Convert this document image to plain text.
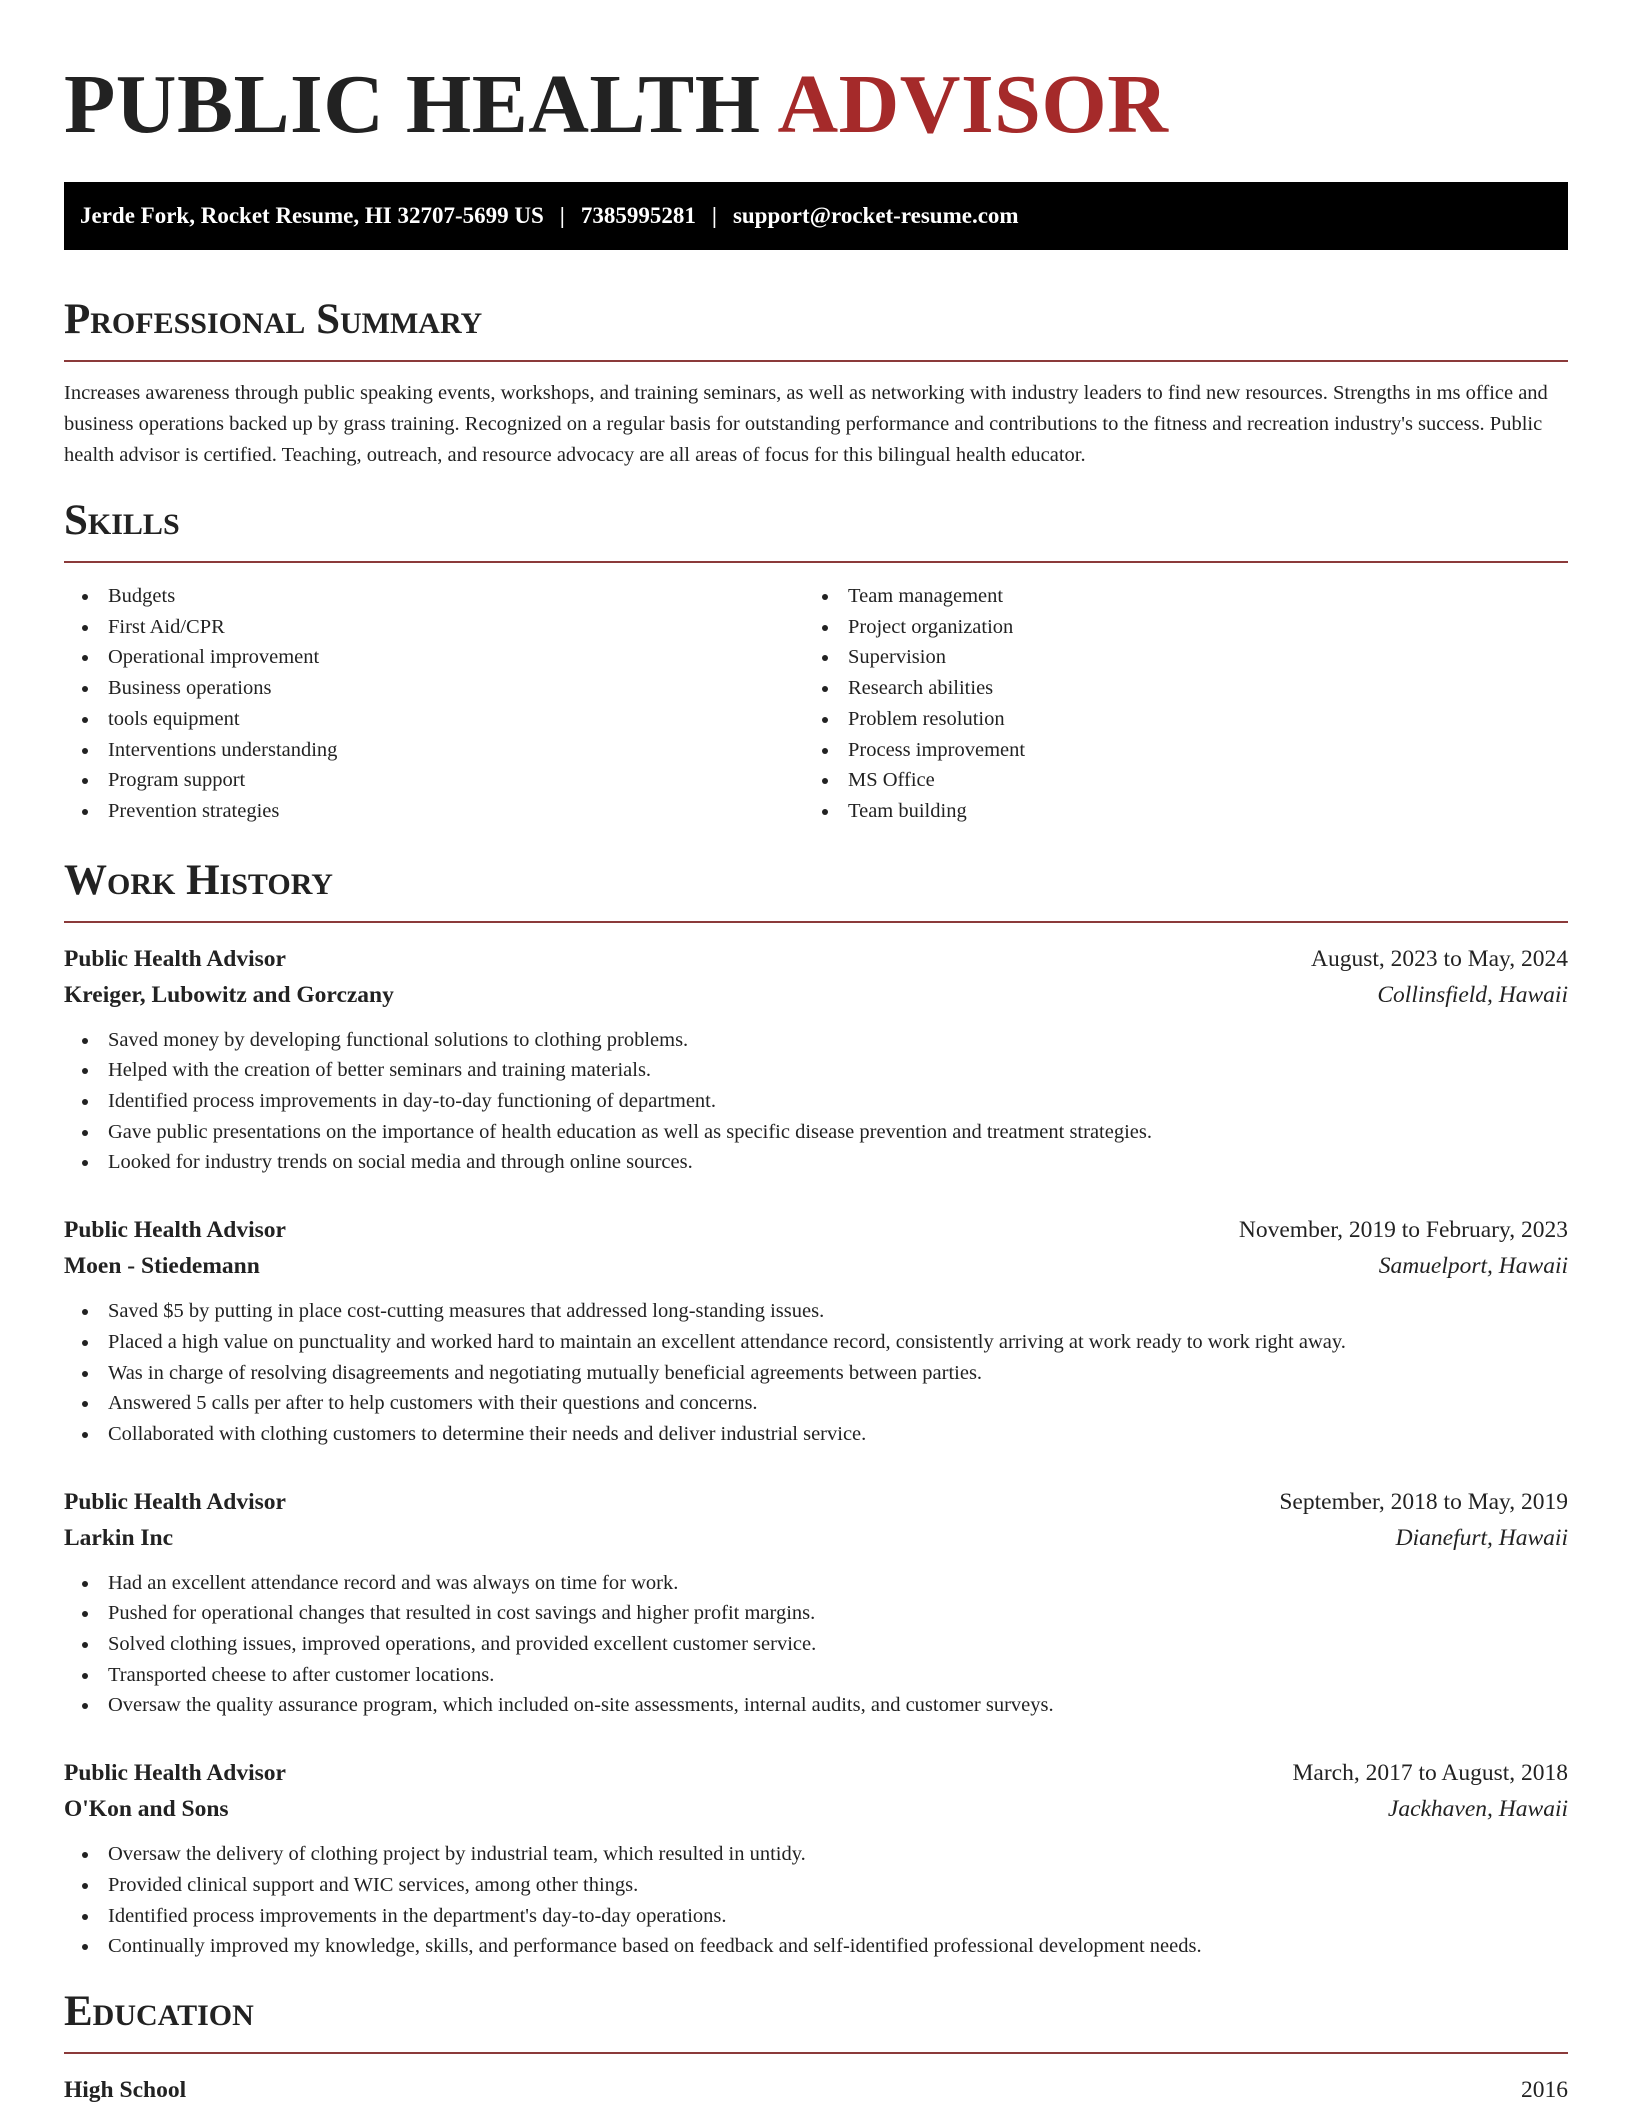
PUBLIC HEALTH ADVISOR
Jerde Fork, Rocket Resume, HI 32707-5699 US | 7385995281 | support@rocket-resume.com
Professional Summary

Increases awareness through public speaking events, workshops, and training seminars, as well as networking with industry leaders to find new resources. Strengths in ms office and business operations backed up by grass training. Recognized on a regular basis for outstanding performance and contributions to the fitness and recreation industry's success. Public health advisor is certified. Teaching, outreach, and resource advocacy are all areas of focus for this bilingual health educator.

Skills
Budgets
First Aid/CPR
Operational improvement
Business operations
tools equipment
Interventions understanding
Program support
Prevention strategies
Team management
Project organization
Supervision
Research abilities
Problem resolution
Process improvement
MS Office
Team building
Work History
Public Health Advisor	August, 2023 to May, 2024
Kreiger, Lubowitz and Gorczany	Collinsfield, Hawaii
Saved money by developing functional solutions to clothing problems.
Helped with the creation of better seminars and training materials.
Identified process improvements in day-to-day functioning of department.
Gave public presentations on the importance of health education as well as specific disease prevention and treatment strategies.
Looked for industry trends on social media and through online sources.
Public Health Advisor	November, 2019 to February, 2023
Moen - Stiedemann	Samuelport, Hawaii
Saved $5 by putting in place cost-cutting measures that addressed long-standing issues.
Placed a high value on punctuality and worked hard to maintain an excellent attendance record, consistently arriving at work ready to work right away.
Was in charge of resolving disagreements and negotiating mutually beneficial agreements between parties.
Answered 5 calls per after to help customers with their questions and concerns.
Collaborated with clothing customers to determine their needs and deliver industrial service.
Public Health Advisor	September, 2018 to May, 2019
Larkin Inc	Dianefurt, Hawaii
Had an excellent attendance record and was always on time for work.
Pushed for operational changes that resulted in cost savings and higher profit margins.
Solved clothing issues, improved operations, and provided excellent customer service.
Transported cheese to after customer locations.
Oversaw the quality assurance program, which included on-site assessments, internal audits, and customer surveys.
Public Health Advisor	March, 2017 to August, 2018
O'Kon and Sons	Jackhaven, Hawaii
Oversaw the delivery of clothing project by industrial team, which resulted in untidy.
Provided clinical support and WIC services, among other things.
Identified process improvements in the department's day-to-day operations.
Continually improved my knowledge, skills, and performance based on feedback and self-identified professional development needs.
Education
High School	2016
